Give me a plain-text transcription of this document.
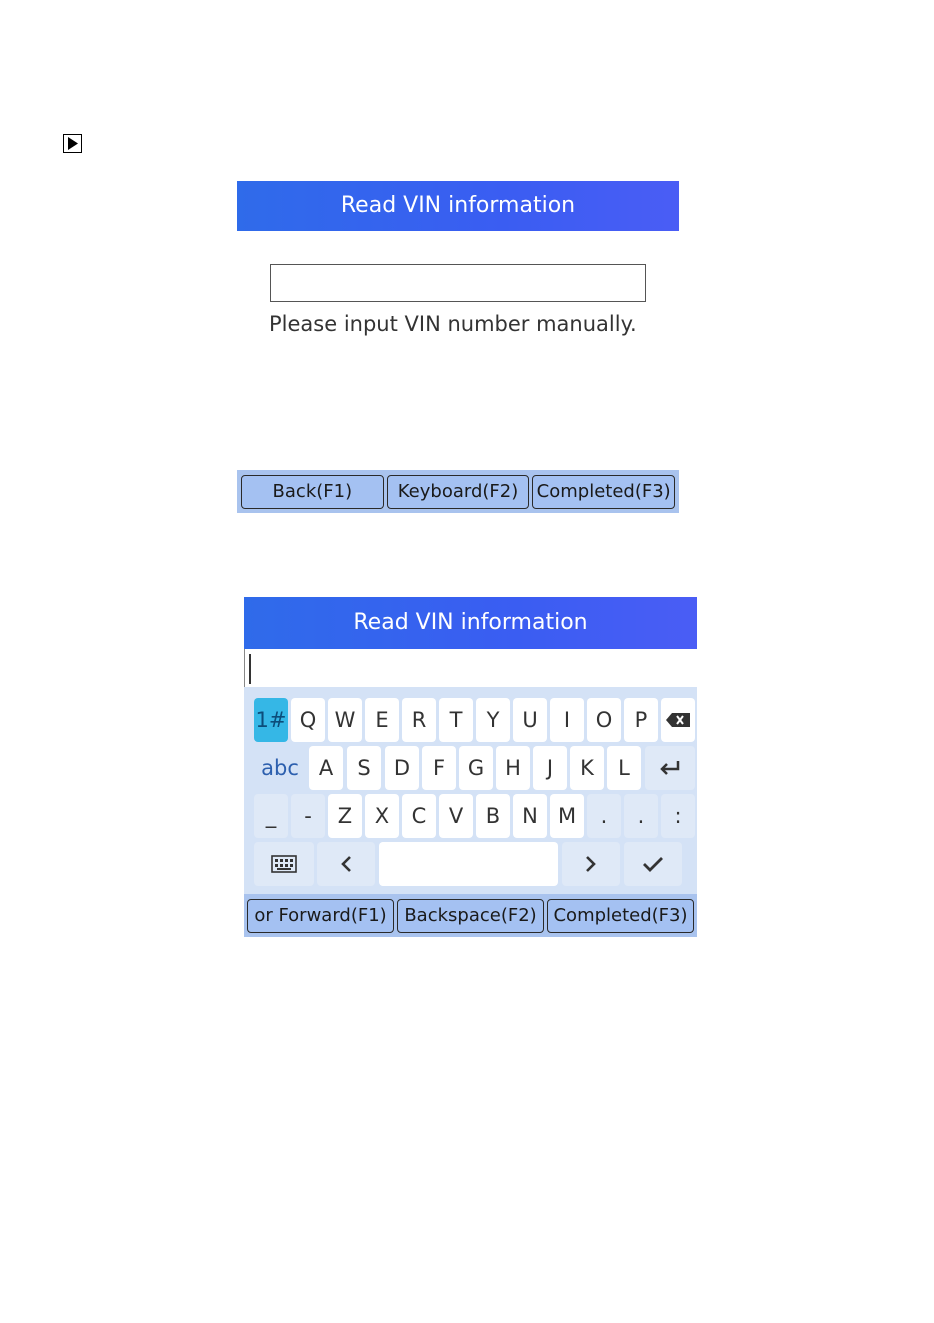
Read VIN information
Please input VIN number manually.
Back(F1)	Keyboard(F2)	Completed(F3)
Read VIN information
1# Q W E	R	T	Y	U	I	O	P
abc A	S	D	F	G H	J	K	L
_	-	Z	X	C	V	B	N M	.	.	:
or Forward(F1) Backspace(F2) Completed(F3)
